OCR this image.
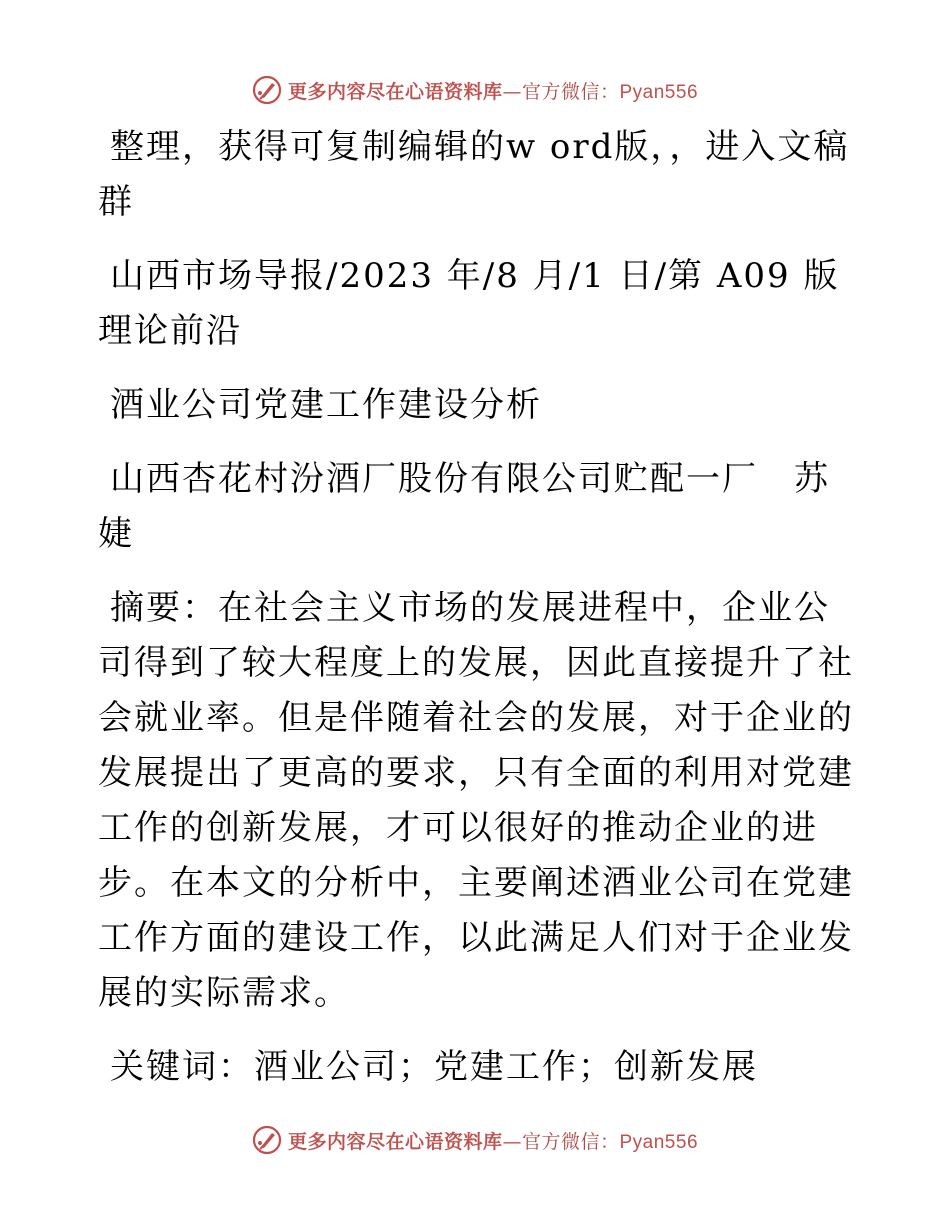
更多内容尽在心语资料库—官方微信：Pyan556

整理，获得可复制编辑的w ord版，，进入文稿群

山西市场导报/2023 年/8 月/1 日/第 A09 版理论前沿

酒业公司党建工作建设分析

山西杏花村汾酒厂股份有限公司贮配一厂　苏婕

摘要：在社会主义市场的发展进程中，企业公司得到了较大程度上的发展，因此直接提升了社会就业率。但是伴随着社会的发展，对于企业的发展提出了更高的要求，只有全面的利用对党建工作的创新发展，才可以很好的推动企业的进步。在本文的分析中，主要阐述酒业公司在党建工作方面的建设工作，以此满足人们对于企业发展的实际需求。

关键词：酒业公司；党建工作；创新发展

更多内容尽在心语资料库—官方微信：Pyan556
